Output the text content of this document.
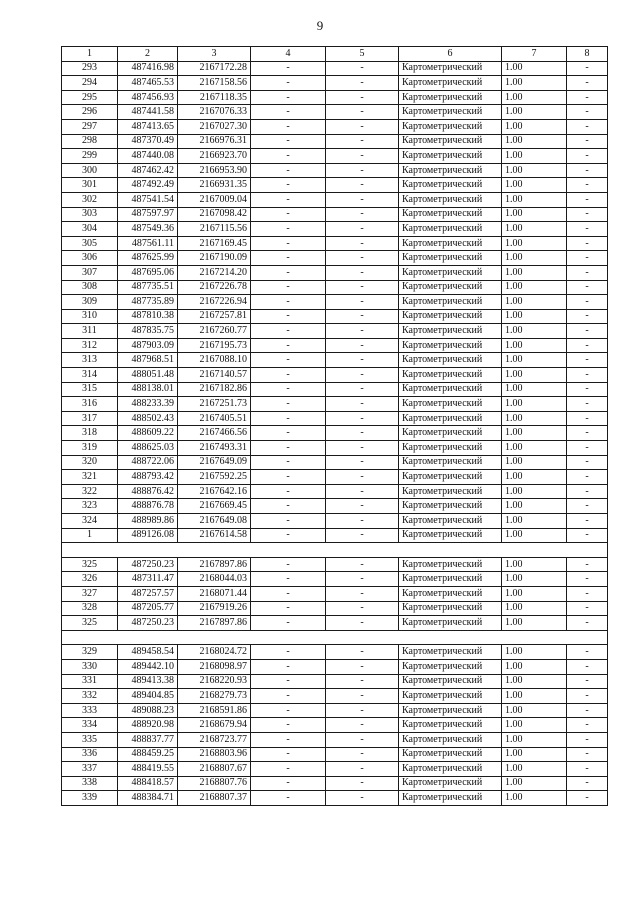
9
1	2	3	4	5	6	7	8
293	487416.98	2167172.28	-	-	Картометрический	1.00	-
294	487465.53	2167158.56	-	-	Картометрический	1.00	-
295	487456.93	2167118.35	-	-	Картометрический	1.00	-
296	487441.58	2167076.33	-	-	Картометрический	1.00	-
297	487413.65	2167027.30	-	-	Картометрический	1.00	-
298	487370.49	2166976.31	-	-	Картометрический	1.00	-
299	487440.08	2166923.70	-	-	Картометрический	1.00	-
300	487462.42	2166953.90	-	-	Картометрический	1.00	-
301	487492.49	2166931.35	-	-	Картометрический	1.00	-
302	487541.54	2167009.04	-	-	Картометрический	1.00	-
303	487597.97	2167098.42	-	-	Картометрический	1.00	-
304	487549.36	2167115.56	-	-	Картометрический	1.00	-
305	487561.11	2167169.45	-	-	Картометрический	1.00	-
306	487625.99	2167190.09	-	-	Картометрический	1.00	-
307	487695.06	2167214.20	-	-	Картометрический	1.00	-
308	487735.51	2167226.78	-	-	Картометрический	1.00	-
309	487735.89	2167226.94	-	-	Картометрический	1.00	-
310	487810.38	2167257.81	-	-	Картометрический	1.00	-
311	487835.75	2167260.77	-	-	Картометрический	1.00	-
312	487903.09	2167195.73	-	-	Картометрический	1.00	-
313	487968.51	2167088.10	-	-	Картометрический	1.00	-
314	488051.48	2167140.57	-	-	Картометрический	1.00	-
315	488138.01	2167182.86	-	-	Картометрический	1.00	-
316	488233.39	2167251.73	-	-	Картометрический	1.00	-
317	488502.43	2167405.51	-	-	Картометрический	1.00	-
318	488609.22	2167466.56	-	-	Картометрический	1.00	-
319	488625.03	2167493.31	-	-	Картометрический	1.00	-
320	488722.06	2167649.09	-	-	Картометрический	1.00	-
321	488793.42	2167592.25	-	-	Картометрический	1.00	-
322	488876.42	2167642.16	-	-	Картометрический	1.00	-
323	488876.78	2167669.45	-	-	Картометрический	1.00	-
324	488989.86	2167649.08	-	-	Картометрический	1.00	-
1	489126.08	2167614.58	-	-	Картометрический	1.00	-

325	487250.23	2167897.86	-	-	Картометрический	1.00	-
326	487311.47	2168044.03	-	-	Картометрический	1.00	-
327	487257.57	2168071.44	-	-	Картометрический	1.00	-
328	487205.77	2167919.26	-	-	Картометрический	1.00	-
325	487250.23	2167897.86	-	-	Картометрический	1.00	-

329	489458.54	2168024.72	-	-	Картометрический	1.00	-
330	489442.10	2168098.97	-	-	Картометрический	1.00	-
331	489413.38	2168220.93	-	-	Картометрический	1.00	-
332	489404.85	2168279.73	-	-	Картометрический	1.00	-
333	489088.23	2168591.86	-	-	Картометрический	1.00	-
334	488920.98	2168679.94	-	-	Картометрический	1.00	-
335	488837.77	2168723.77	-	-	Картометрический	1.00	-
336	488459.25	2168803.96	-	-	Картометрический	1.00	-
337	488419.55	2168807.67	-	-	Картометрический	1.00	-
338	488418.57	2168807.76	-	-	Картометрический	1.00	-
339	488384.71	2168807.37	-	-	Картометрический	1.00	-
